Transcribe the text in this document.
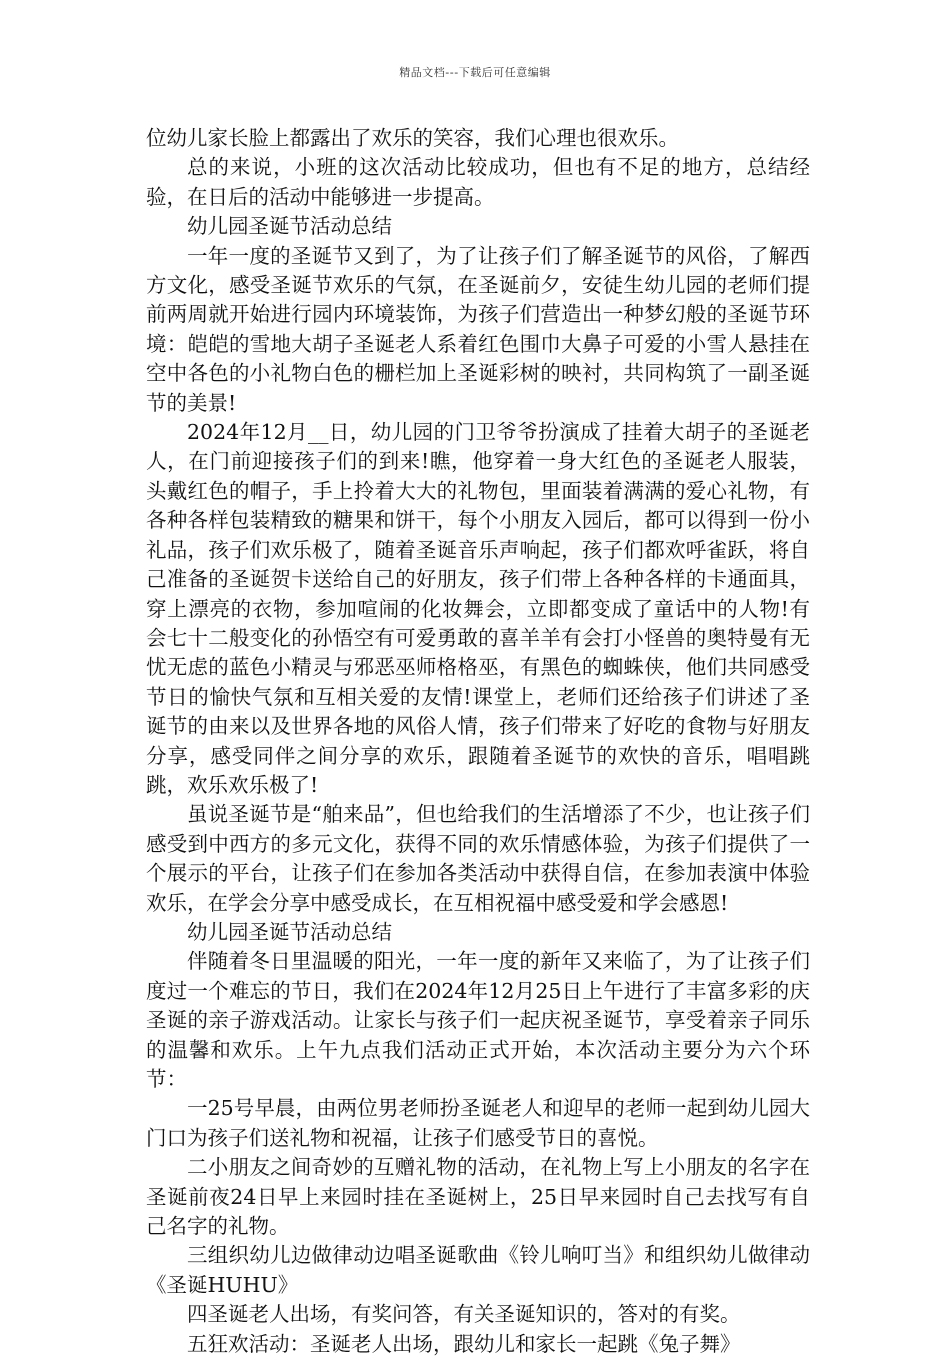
精品文档---下载后可任意编辑

位幼儿家长脸上都露出了欢乐的笑容，我们心理也很欢乐。

总的来说，小班的这次活动比较成功，但也有不足的地方，总结经验，在日后的活动中能够进一步提高。

幼儿园圣诞节活动总结

一年一度的圣诞节又到了，为了让孩子们了解圣诞节的风俗，了解西方文化，感受圣诞节欢乐的气氛，在圣诞前夕，安徒生幼儿园的老师们提前两周就开始进行园内环境装饰，为孩子们营造出一种梦幻般的圣诞节环境：皑皑的雪地大胡子圣诞老人系着红色围巾大鼻子可爱的小雪人悬挂在空中各色的小礼物白色的栅栏加上圣诞彩树的映衬，共同构筑了一副圣诞节的美景!

2024年12月__日，幼儿园的门卫爷爷扮演成了挂着大胡子的圣诞老人，在门前迎接孩子们的到来!瞧，他穿着一身大红色的圣诞老人服装，头戴红色的帽子，手上拎着大大的礼物包，里面装着满满的爱心礼物，有各种各样包装精致的糖果和饼干，每个小朋友入园后，都可以得到一份小礼品，孩子们欢乐极了，随着圣诞音乐声响起，孩子们都欢呼雀跃，将自己准备的圣诞贺卡送给自己的好朋友，孩子们带上各种各样的卡通面具，穿上漂亮的衣物，参加喧闹的化妆舞会，立即都变成了童话中的人物!有会七十二般变化的孙悟空有可爱勇敢的喜羊羊有会打小怪兽的奥特曼有无忧无虑的蓝色小精灵与邪恶巫师格格巫，有黑色的蜘蛛侠，他们共同感受节日的愉快气氛和互相关爱的友情!课堂上，老师们还给孩子们讲述了圣诞节的由来以及世界各地的风俗人情，孩子们带来了好吃的食物与好朋友分享，感受同伴之间分享的欢乐，跟随着圣诞节的欢快的音乐，唱唱跳跳，欢乐欢乐极了!

虽说圣诞节是“舶来品”，但也给我们的生活增添了不少，也让孩子们感受到中西方的多元文化，获得不同的欢乐情感体验，为孩子们提供了一个展示的平台，让孩子们在参加各类活动中获得自信，在参加表演中体验欢乐，在学会分享中感受成长，在互相祝福中感受爱和学会感恩!

幼儿园圣诞节活动总结

伴随着冬日里温暖的阳光，一年一度的新年又来临了，为了让孩子们度过一个难忘的节日，我们在2024年12月25日上午进行了丰富多彩的庆圣诞的亲子游戏活动。让家长与孩子们一起庆祝圣诞节，享受着亲子同乐的温馨和欢乐。上午九点我们活动正式开始，本次活动主要分为六个环节：

一25号早晨，由两位男老师扮圣诞老人和迎早的老师一起到幼儿园大门口为孩子们送礼物和祝福，让孩子们感受节日的喜悦。

二小朋友之间奇妙的互赠礼物的活动，在礼物上写上小朋友的名字在圣诞前夜24日早上来园时挂在圣诞树上，25日早来园时自己去找写有自己名字的礼物。

三组织幼儿边做律动边唱圣诞歌曲《铃儿响叮当》和组织幼儿做律动《圣诞HUHU》

四圣诞老人出场，有奖问答，有关圣诞知识的，答对的有奖。

五狂欢活动：圣诞老人出场，跟幼儿和家长一起跳《兔子舞》
